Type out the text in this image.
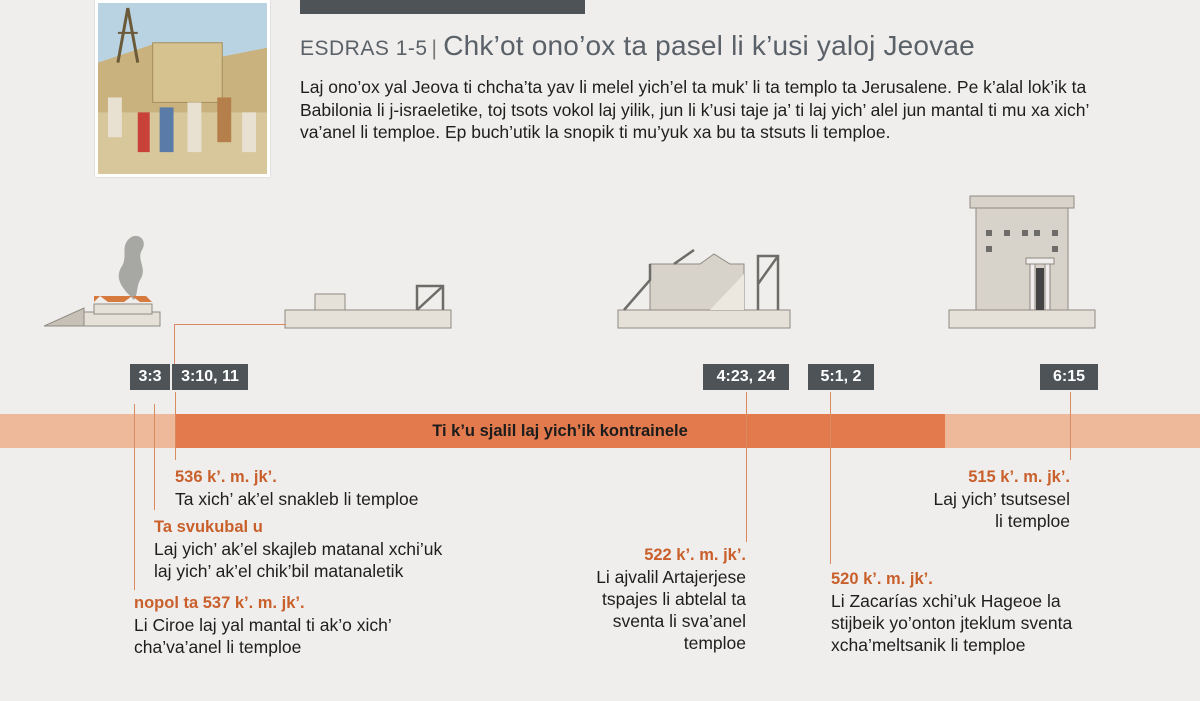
ESDRAS 1-5 | Chk’ot ono’ox ta pasel li k’usi yaloj Jeovae
Laj ono’ox yal Jeova ti chcha’ta yav li melel yich’el ta muk’ li ta templo ta Jerusalene. Pe k’alal lok’ik ta Babilonia li j-israeletike, toj tsots vokol laj yilik, jun li k’usi taje ja’ ti laj yich’ alel jun mantal ti mu xa xich’ va’anel li temploe. Ep buch’utik la snopik ti mu’yuk xa bu ta stsuts li temploe.
3:3	3:10, 11	4:23, 24	5:1, 2	6:15
Ti k’u sjalil laj yich’ik kontrainele
536 k’. m. jk’.
Ta xich’ ak’el snakleb li temploe
Ta svukubal u
Laj yich’ ak’el skajleb matanal xchi’uk
laj yich’ ak’el chik’bil matanaletik
nopol ta 537 k’. m. jk’.
Li Ciroe laj yal mantal ti ak’o xich’
cha’va’anel li temploe
522 k’. m. jk’.
Li ajvalil Artajerjese
tspajes li abtelal ta
sventa li sva’anel
temploe
520 k’. m. jk’.
Li Zacarías xchi’uk Hageoe la
stijbeik yo’onton jteklum sventa
xcha’meltsanik li temploe
515 k’. m. jk’.
Laj yich’ tsutsesel
li temploe
